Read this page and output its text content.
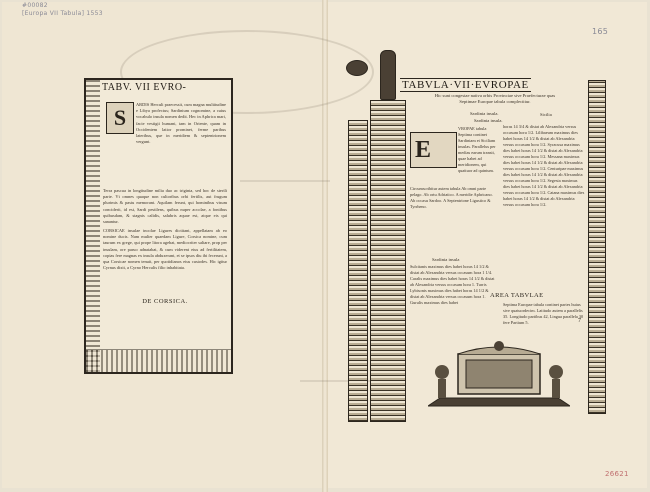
#00082
[Europa VII Tabula] 1553
165
26621
TABV. VII EVRO-
S
ARDIS Herculi praecessit, cum magna multitudine e Libya profectus; Sardinium cognomine, a cuius vocabulo insula nomen dedit. Hec in Aphrica mari, facie vestigii humani, tam in Oriente, quam in Occidentem latior prominet, ferme paribus lateribus, que in meridiem & septentrionem vergunt.
Terra pascua in longitudine milia duo ac triginta, sed hoc de sterili parte. Vt omnes quaque non cultoribus orbi fertilis, aut frugum plurimis & pastu memorant. Aquilam ferunt, qui hominibus visum conciderit, id est, Sardi pestilens, quibus nuper accolae, a fontibus quibusdam, & stagnis calidis, salubris aquae est, atque eis qui sanantur.
DE CORSICA.
CORSICAE insulae incolae Ligures dictitant, appellatam ab eo nomine ducis. Nam mulier quaedam Ligure, Corsica nomine, cum taurum ex grege, qui prope litora agebat, mediocriter saltare, prop per insulam, ore paruo adnatabat, & cum viderent eius ad fertilitatem, copias fere magnas ex insula abduxerant, et se ipsos diu ibi fecerunt, a qua Corsicae nomen tenuit, per quotidianos eius custodes. Hic igitur Cyrnus dixit, a Cyrno Herculis filio inhabitata.
TABVLA·VII·EVROPAE
Hic sunt congestae nativa orbis Provinciae sive Praefecturae quas Septimae Europae tabula complectitur.
Sardinia insula.
Sardinia insula.
E
VROPAE tabula Septima continet Sardiniam et Siciliam insulas. Parallelus per medias earum transit, quae habet ad meridionem, qui quattuor ad quintum.
Circumscribitur autem tabula Ab omni parte pelago. Ab ortu Adriatico. A meridie Aphricano. Ab occasu Sardoo. A Septentrione Ligustico & Tyrrheno.
Sardinia insula
Sulcitanis maximus dies habet horas 14 1/2 & distat ab Alexandria versus occasum hora 1 1/4. Caralis maximus dies habet horas 14 1/2 & distat ab Alexandria versus occasum hora 1. Turris Lybisonis maximus dies habet horas 14 1/2 & distat ab Alexandria versus occasum hora 1. Gurulis maximus dies habet
Sicilia
horas 14 3/4 & distat ab Alexandria versus occasum hora 1/2. Lilibaeum maximus dies habet horas 14 1/2 & distat ab Alexandria versus occasum hora 1/2. Syracusa maximus dies habet horas 14 1/2 & distat ab Alexandria versus occasum hora 1/2. Messana maximus dies habet horas 14 1/2 & distat ab Alexandria versus occasum hora 1/2. Centuripae maximus dies habet horas 14 1/2 & distat ab Alexandria versus occasum hora 1/2. Segesta maximus dies habet horas 14 1/2 & distat ab Alexandria versus occasum hora 1/2. Catana maximus dies habet horas 14 1/2 & distat ab Alexandria versus occasum hora 1/2.
AREA TABVLAE
Septima Europae tabula continet partes huius sive quatuordecim. Latitudo autem a parallelis 35. Longitudo partibus 42, Lingua parallela 30 fere Partium 5.	7
